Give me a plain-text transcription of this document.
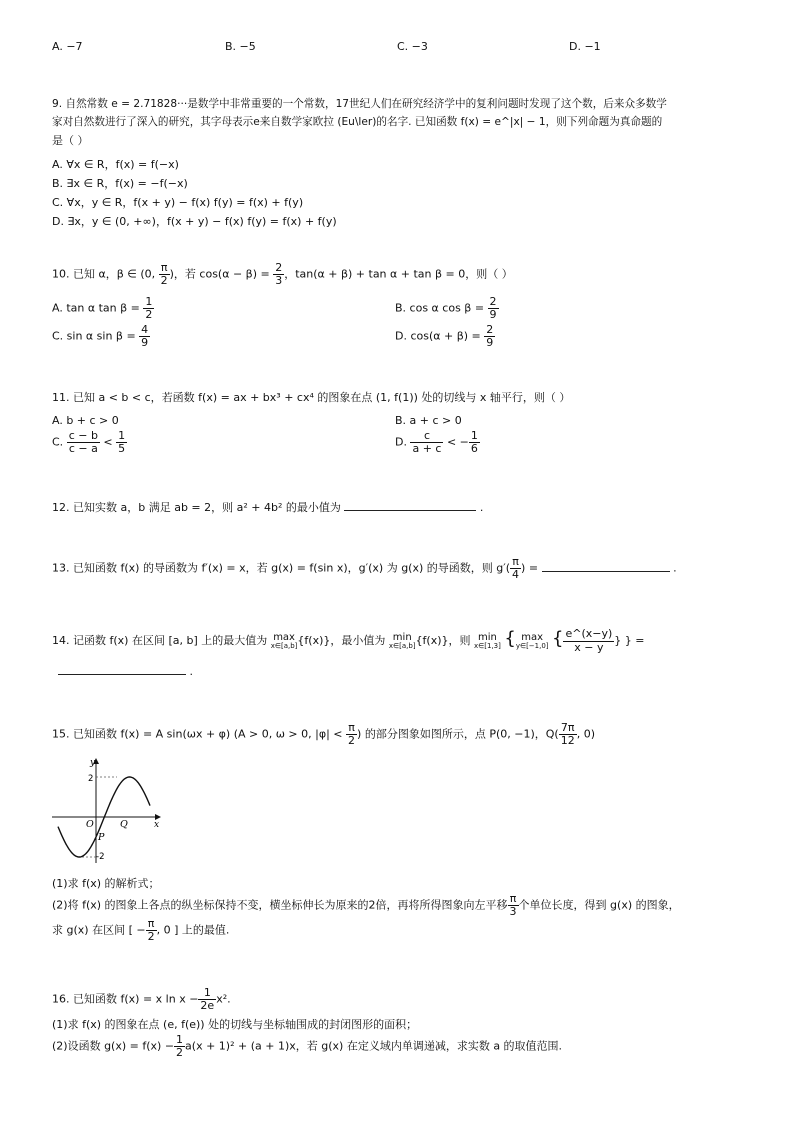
A. −7	B. −5	C. −3	D. −1
9. 自然常数 e = 2.71828···是数学中非常重要的一个常数，17世纪人们在研究经济学中的复利问题时发现了这个数，后来众多数学
家对自然数进行了深入的研究，其字母表示e来自数学家欧拉 (Eu\ler)的名字. 已知函数 f(x) = e^|x| − 1，则下列命题为真命题的
是（ ）
A. ∀x ∈ R，f(x) = f(−x)
B. ∃x ∈ R，f(x) = −f(−x)
C. ∀x，y ∈ R，f(x + y) − f(x) f(y) = f(x) + f(y)
D. ∃x，y ∈ (0, +∞)，f(x + y) − f(x) f(y) = f(x) + f(y)
10. 已知 α，β ∈ (0, $\frac{\pi}{2}$ )，若 $\cos(\alpha - \beta) = \frac{2}{3}$ ，tan(α + β) + tan α + tan β = 0，则（ ）
A. tan α $\tan \beta = \frac{1}{2}$	B. cos α $\cos \beta = \frac{2}{9}$
C. sin α $\sin \beta = \frac{4}{9}$	D. $\cos(\alpha + \beta) = \frac{2}{9}$
11. 已知 a < b < c，若函数 f(x) = ax + bx³ + cx⁴ 的图象在点 (1, f(1)) 处的切线与 x 轴平行，则（ ）
A. b + c > 0	B. a + c > 0
C. $\frac{c - b}{c - a} < \frac{1}{5}$	D. $\frac{c}{a + c}$ < − $\frac{1}{6}$
12. 已知实数 a，b 满足 ab = 2，则 a² + 4b² 的最小值为	.
13. 已知函数 f(x) 的导函数为 f′(x) = x，若 g(x) = f(sin x)，g′(x) 为 g(x) 的导函数，则 $g'( \frac{\pi}{4}$ ) =	.
14. 记函数 f(x) 在区间 [a, b] 上的最大值为 max
x∈[a,b] {f(x)}，最小值为 min
x∈[a,b] {f(x)}，则 min
x∈[1,3] { max
y∈[−1,0] { $\frac{e\^{}(x-y)}{x - y}$ } } =
.
15. 已知函数 f(x) = A sin(ωx + φ) (A > 0, ω > 0, $|\varphi| < \frac{\pi}{2}$ ) 的部分图象如图所示，点 P(0, −1)，$Q( \frac{7\pi}{12}$ , 0)
y
x
O	Q
P
2
-2
(1)求 f(x) 的解析式；
(2)将 f(x) 的图象上各点的纵坐标保持不变，横坐标伸长为原来的2倍，再将所得图象向左平移 $\frac{\pi}{3}$ 个单位长度，得到 g(x) 的图象，
求 g(x) 在区间 [ − $\frac{\pi}{2}$ , 0 ] 上的最值.
16. 已知函数 f(x) = x $\ln x - \frac{1}{2e} x^2$.
(1)求 f(x) 的图象在点 (e, f(e)) 处的切线与坐标轴围成的封闭图形的面积；
(2)设函数 $g(x) = f(x) - \frac{1}{2} a(x + 1)^2 + (a + 1)x$，若 g(x) 在定义域内单调递减，求实数 a 的取值范围.
